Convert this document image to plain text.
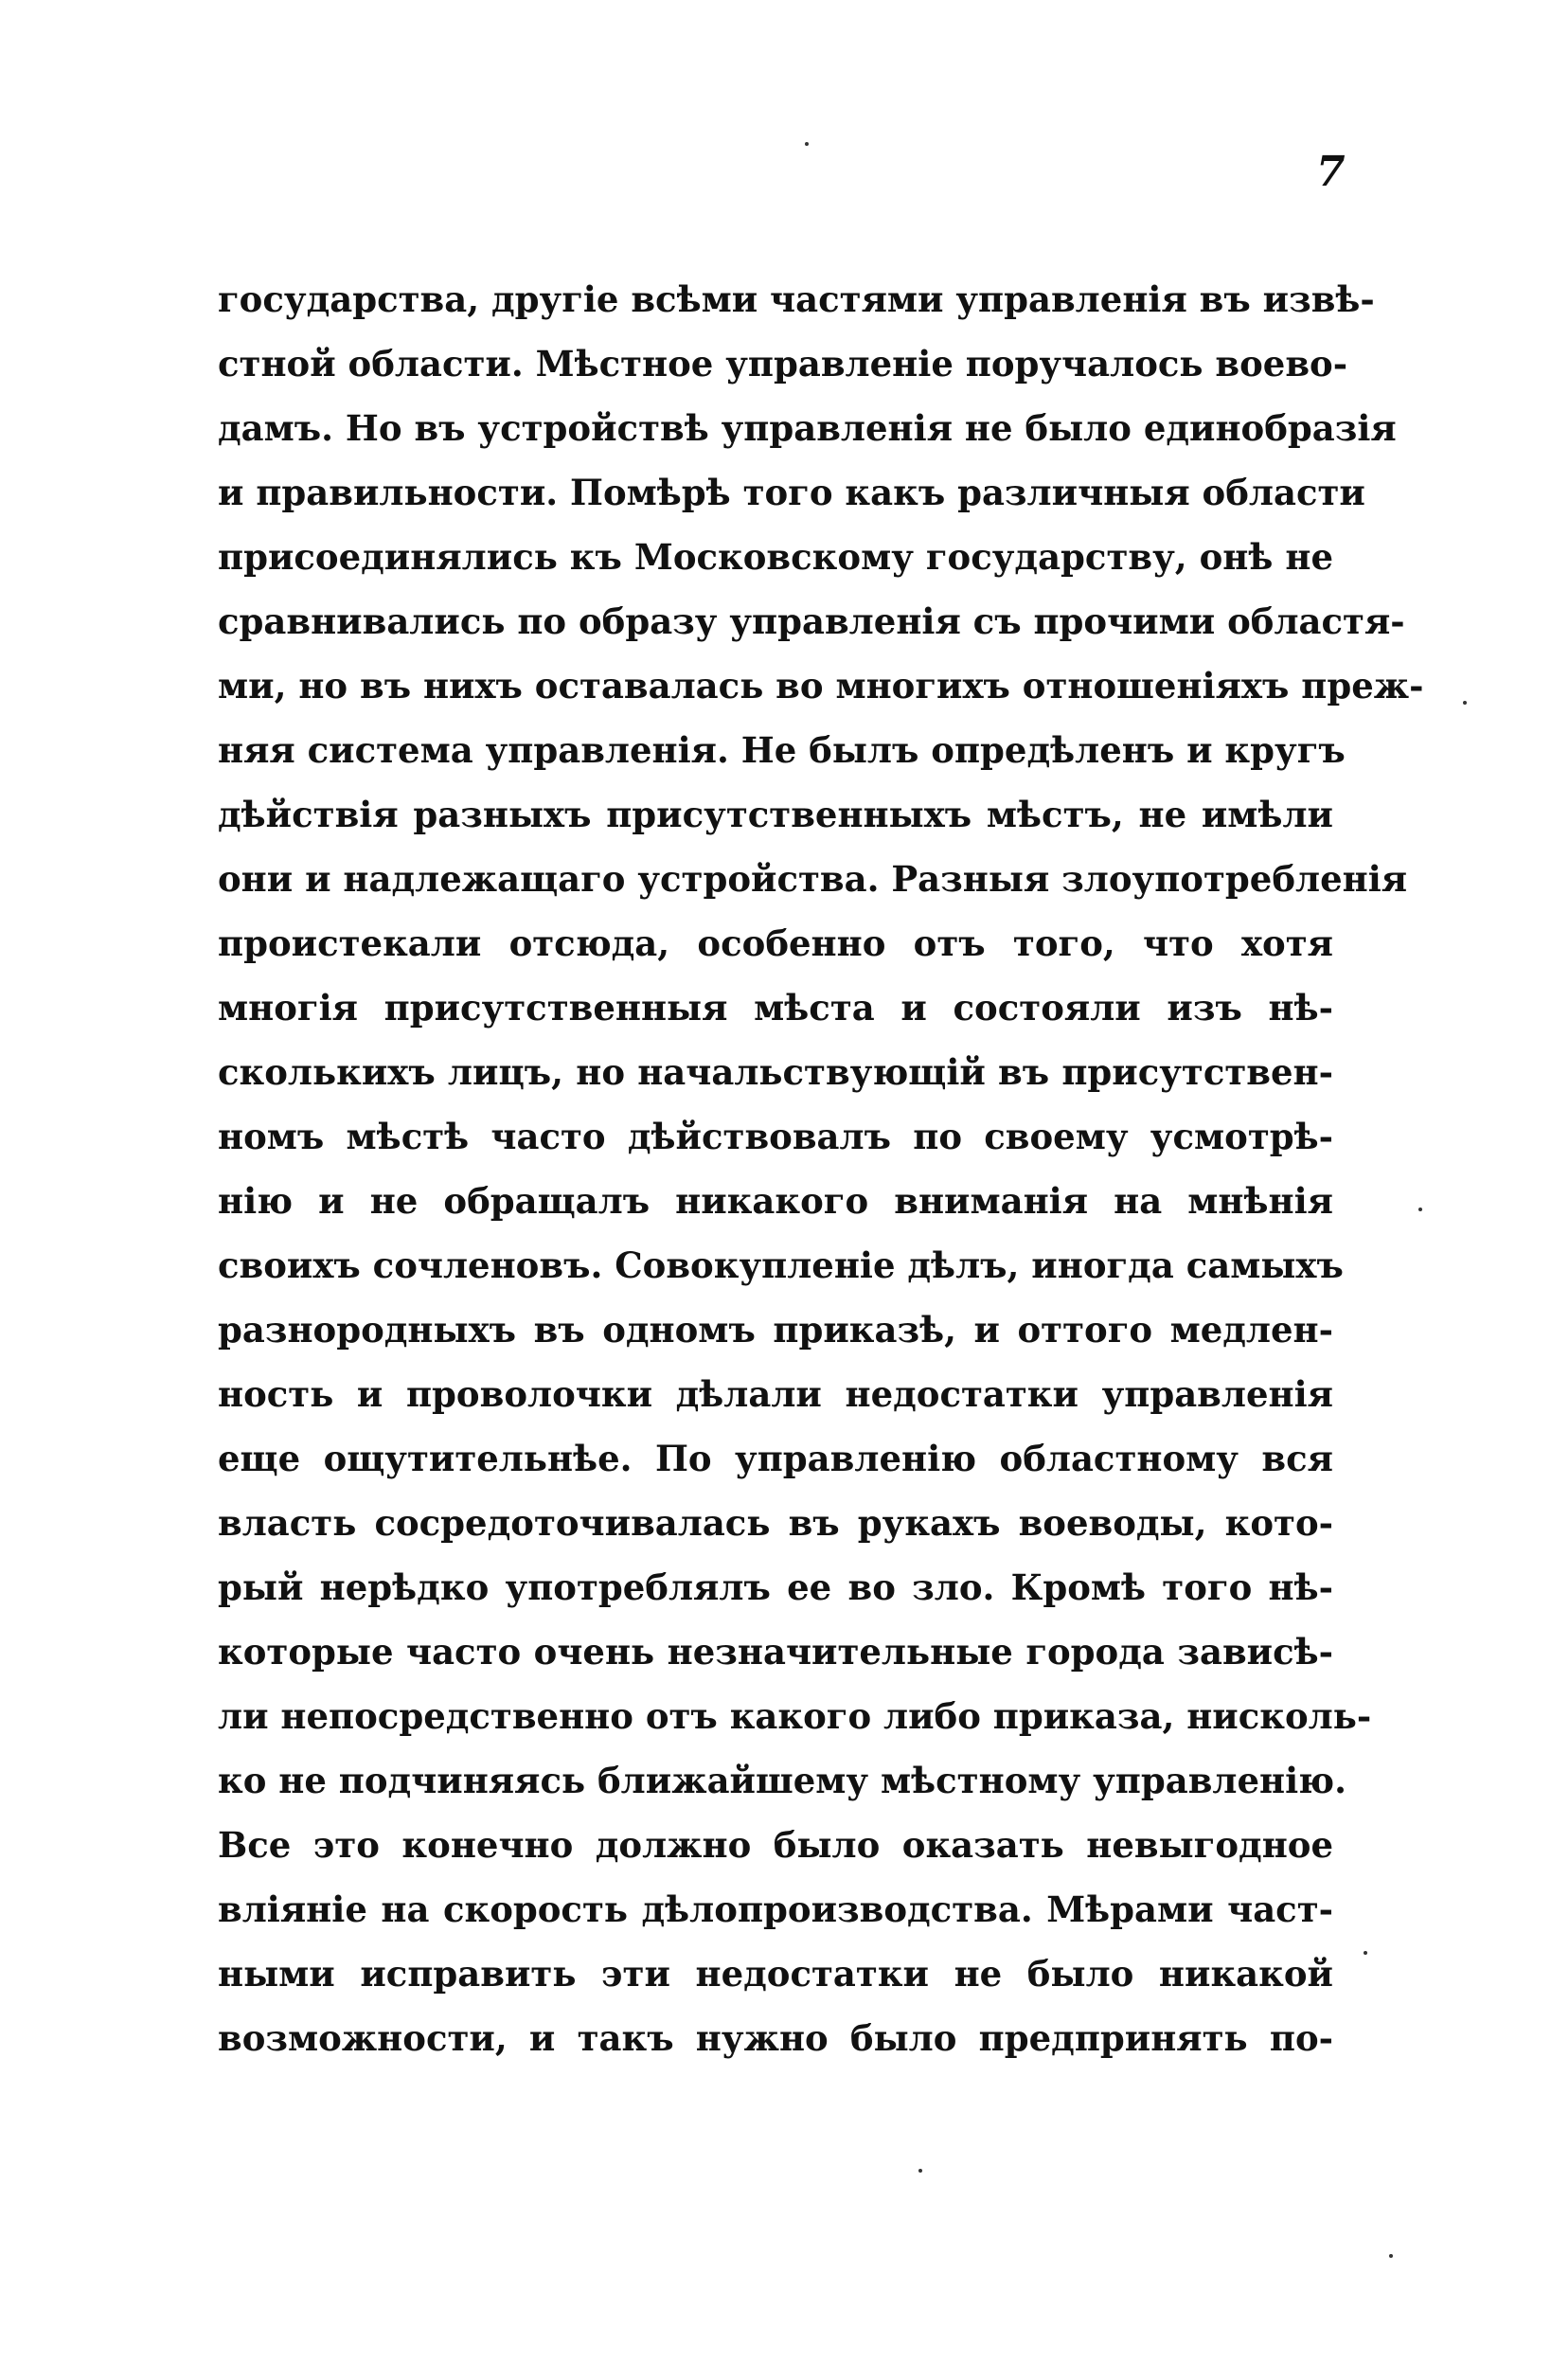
7
государства, другіе всѣми частями управленія въ извѣ-
стной области. Мѣстное управленіе поручалось воево-
дамъ. Но въ устройствѣ управленія не было единобразія
и правильности. Помѣрѣ того какъ различныя области
присоединялись къ Московскому государству, онѣ не
сравнивались по образу управленія съ прочими областя-
ми, но въ нихъ оставалась во многихъ отношеніяхъ преж-
няя система управленія. Не былъ опредѣленъ и кругъ
дѣйствія разныхъ присутственныхъ мѣстъ, не имѣли
они и надлежащаго устройства. Разныя злоупотребленія
проистекали отсюда, особенно отъ того, что хотя
многія присутственныя мѣста и состояли изъ нѣ-
сколькихъ лицъ, но начальствующій въ присутствен-
номъ мѣстѣ часто дѣйствовалъ по своему усмотрѣ-
нію и не обращалъ никакого вниманія на мнѣнія
своихъ сочленовъ. Совокупленіе дѣлъ, иногда самыхъ
разнородныхъ въ одномъ приказѣ, и оттого медлен-
ность и проволочки дѣлали недостатки управленія
еще ощутительнѣе. По управленію областному вся
власть сосредоточивалась въ рукахъ воеводы, кото-
рый нерѣдко употреблялъ ее во зло. Кромѣ того нѣ-
которые часто очень незначительные города зависѣ-
ли непосредственно отъ какого либо приказа, нисколь-
ко не подчиняясь ближайшему мѣстному управленію.
Все это конечно должно было оказать невыгодное
вліяніе на скорость дѣлопроизводства. Мѣрами част-
ными исправить эти недостатки не было никакой
возможности, и такъ нужно было предпринять по-
